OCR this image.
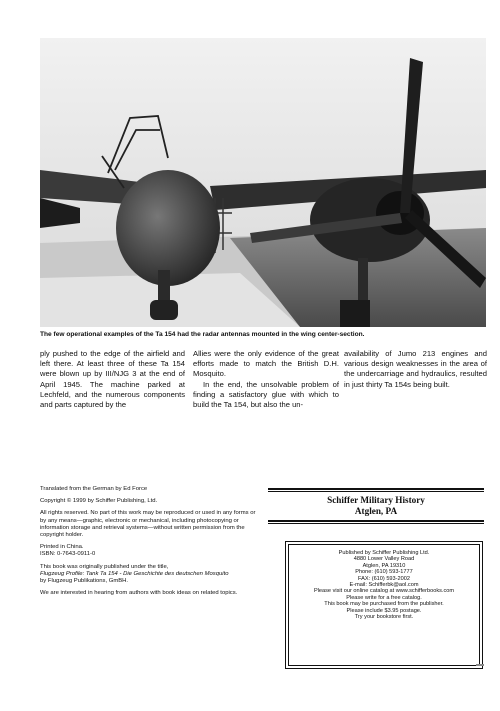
The few operational examples of the Ta 154 had the radar antennas mounted in the wing center-section.

ply pushed to the edge of the airfield and left there. At least three of these Ta 154 were blown up by III/NJG 3 at the end of April 1945. The machine parked at Lechfeld, and the numerous components and parts captured by the

Allies were the only evidence of the great efforts made to match the British D.H. Mosquito.

In the end, the unsolvable problem of finding a satisfactory glue with which to build the Ta 154, but also the un-

availability of Jumo 213 engines and various design weaknesses in the area of the undercarriage and hydraulics, resulted in just thirty Ta 154s being built.

Translated from the German by Ed Force

Copyright © 1999 by Schiffer Publishing, Ltd.

All rights reserved. No part of this work may be reproduced or used in any forms or by any means—graphic, electronic or mechanical, including photocopying or information storage and retrieval systems—without written permission from the copyright holder.

Printed in China.
ISBN: 0-7643-0911-0

This book was originally published under the title,
Flugzeug Profile: Tank Ta 154 - Die Geschichte des deutschen Mosquito
by Flugzeug Publikations, GmBH.

We are interested in hearing from authors with book ideas on related topics.

Schiffer Military History
Atglen, PA
Published by Schiffer Publishing Ltd.
4880 Lower Valley Road
Atglen, PA 19310
Phone: (610) 593-1777
FAX: (610) 593-2002
E-mail: Schifferbk@aol.com
Please visit our online catalog at www.schifferbooks.com
Please write for a free catalog.
This book may be purchased from the publisher.
Please include $3.95 postage.
Try your bookstore first.
